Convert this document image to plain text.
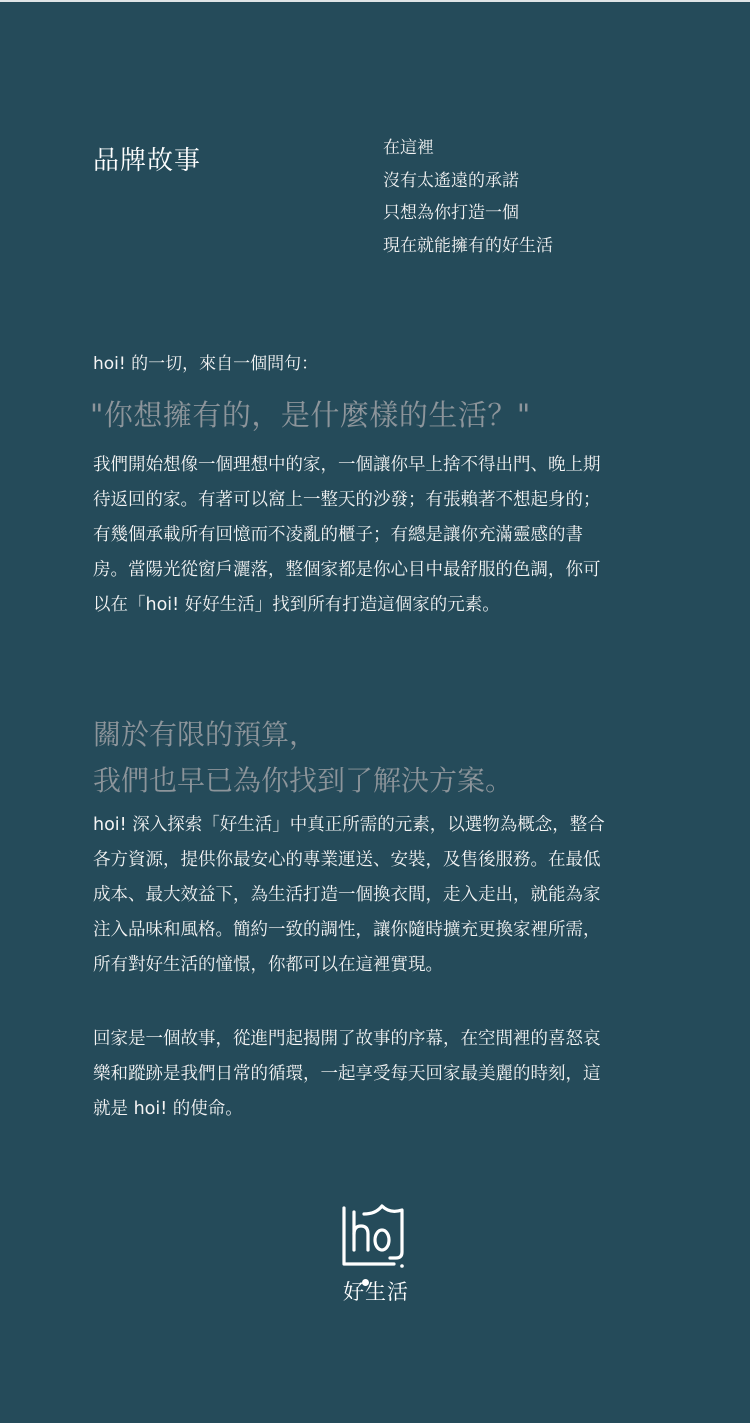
品牌故事	在這裡
沒有太遙遠的承諾
只想為你打造一個
現在就能擁有的好生活
hoi! 的一切，來自一個問句：
"你想擁有的，是什麼樣的生活？"
我們開始想像一個理想中的家，一個讓你早上捨不得出門、晚上期
待返回的家。有著可以窩上一整天的沙發；有張賴著不想起身的；
有幾個承載所有回憶而不凌亂的櫃子；有總是讓你充滿靈感的書
房。當陽光從窗戶灑落，整個家都是你心目中最舒服的色調，你可
以在「hoi! 好好生活」找到所有打造這個家的元素。
關於有限的預算，
我們也早已為你找到了解決方案。
hoi! 深入探索「好生活」中真正所需的元素，以選物為概念，整合
各方資源，提供你最安心的專業運送、安裝，及售後服務。在最低
成本、最大效益下，為生活打造一個換衣間，走入走出，就能為家
注入品味和風格。簡約一致的調性，讓你隨時擴充更換家裡所需，
所有對好生活的憧憬，你都可以在這裡實現。
回家是一個故事，從進門起揭開了故事的序幕，在空間裡的喜怒哀
樂和蹤跡是我們日常的循環，一起享受每天回家最美麗的時刻，這
就是 hoi! 的使命。
好生活
